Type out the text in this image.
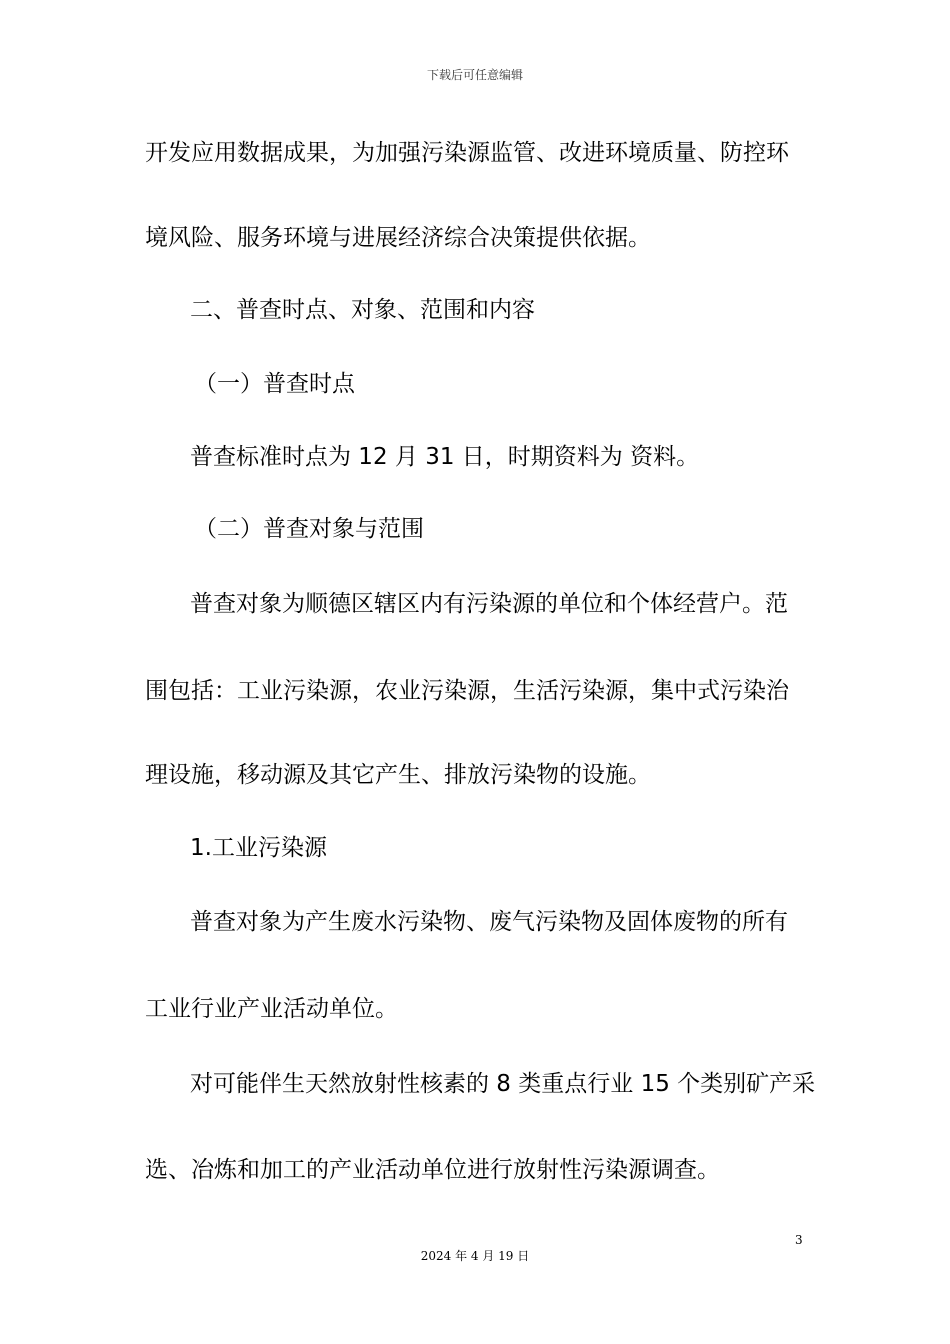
下载后可任意编辑
开发应用数据成果，为加强污染源监管、改进环境质量、防控环
境风险、服务环境与进展经济综合决策提供依据。
二、普查时点、对象、范围和内容
（一）普查时点
普查标准时点为 12 月 31 日，时期资料为 资料。
（二）普查对象与范围
普查对象为顺德区辖区内有污染源的单位和个体经营户。范
围包括：工业污染源，农业污染源，生活污染源，集中式污染治
理设施，移动源及其它产生、排放污染物的设施。
1.工业污染源
普查对象为产生废水污染物、废气污染物及固体废物的所有
工业行业产业活动单位。
对可能伴生天然放射性核素的 8 类重点行业 15 个类别矿产采
选、冶炼和加工的产业活动单位进行放射性污染源调查。
3
2024 年 4 月 19 日
